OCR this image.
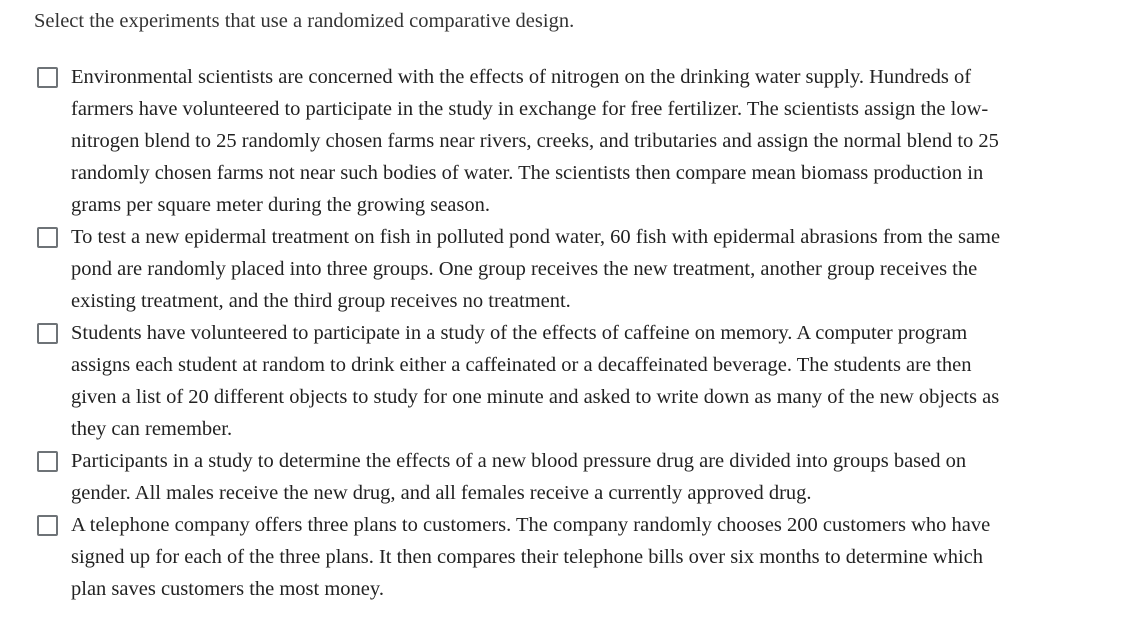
Select the experiments that use a randomized comparative design.
Environmental scientists are concerned with the effects of nitrogen on the drinking water supply. Hundreds of farmers have volunteered to participate in the study in exchange for free fertilizer. The scientists assign the low-nitrogen blend to 25 randomly chosen farms near rivers, creeks, and tributaries and assign the normal blend to 25 randomly chosen farms not near such bodies of water. The scientists then compare mean biomass production in grams per square meter during the growing season.
To test a new epidermal treatment on fish in polluted pond water, 60 fish with epidermal abrasions from the same pond are randomly placed into three groups. One group receives the new treatment, another group receives the existing treatment, and the third group receives no treatment.
Students have volunteered to participate in a study of the effects of caffeine on memory. A computer program assigns each student at random to drink either a caffeinated or a decaffeinated beverage. The students are then given a list of 20 different objects to study for one minute and asked to write down as many of the new objects as they can remember.
Participants in a study to determine the effects of a new blood pressure drug are divided into groups based on gender. All males receive the new drug, and all females receive a currently approved drug.
A telephone company offers three plans to customers. The company randomly chooses 200 customers who have signed up for each of the three plans. It then compares their telephone bills over six months to determine which plan saves customers the most money.
